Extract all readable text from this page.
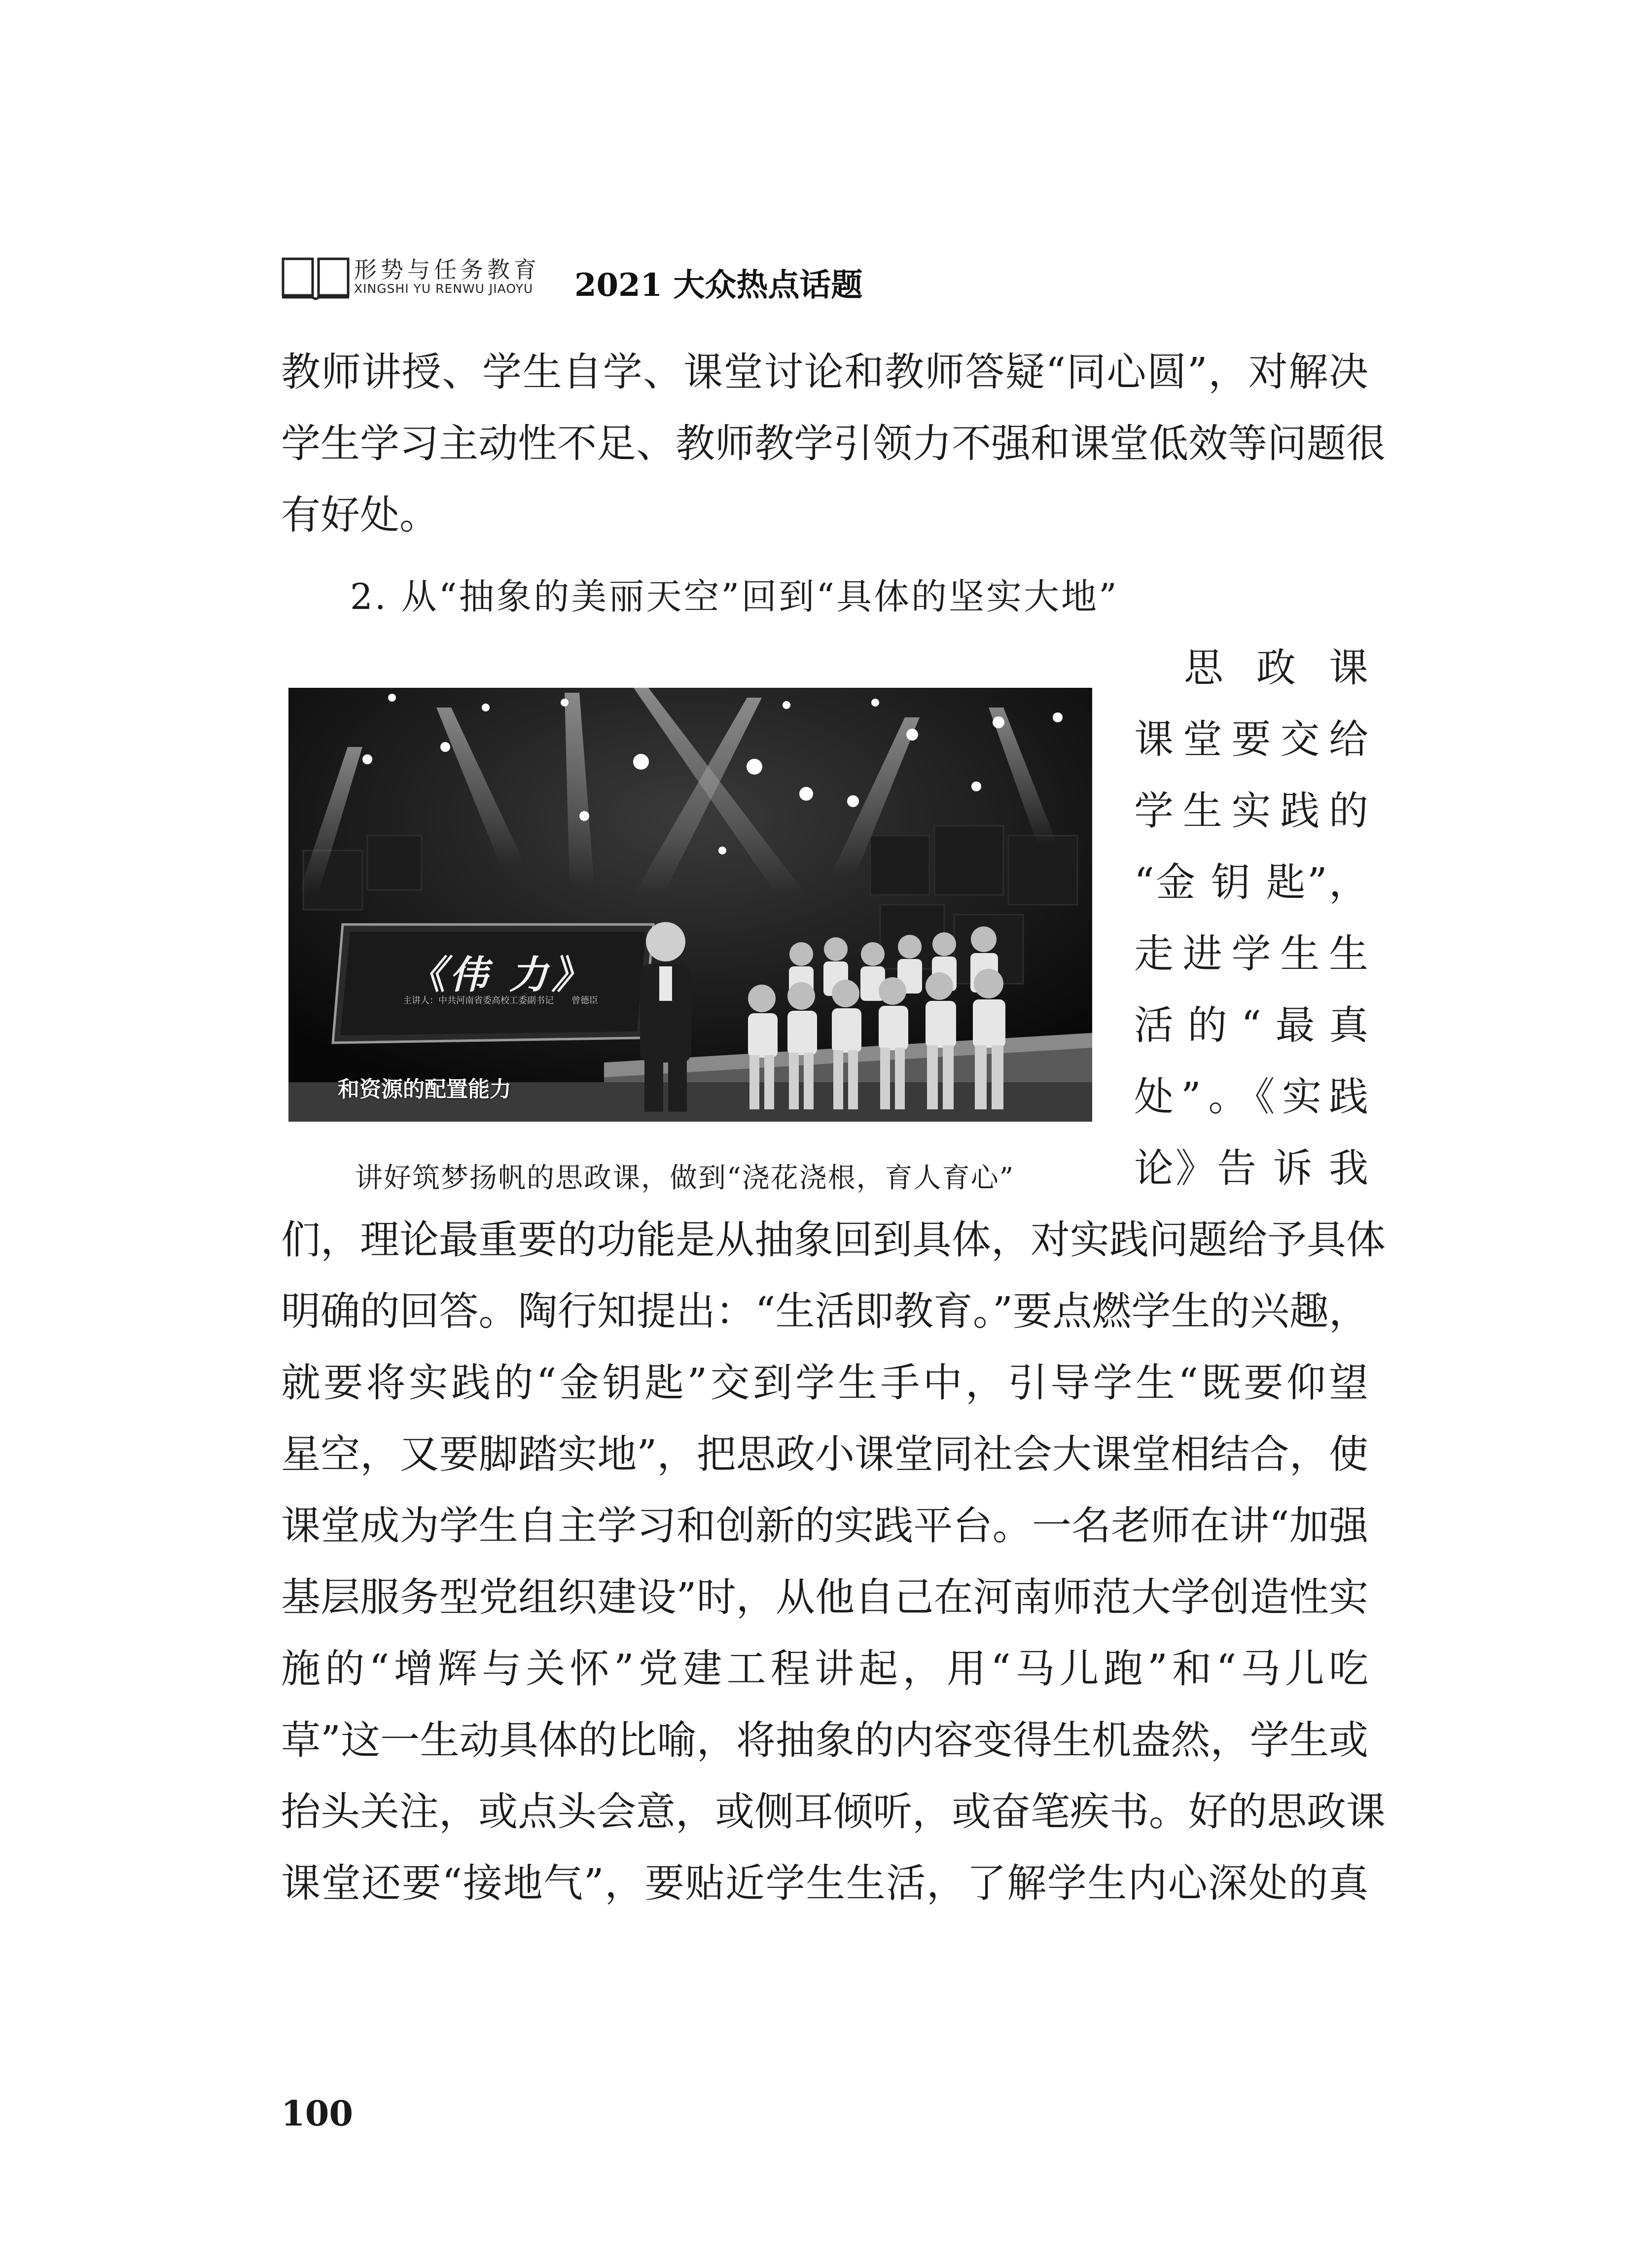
形势与任务教育
XINGSHI YU RENWU JIAOYU 2021 大众热点话题
教师讲授、学生自学、课堂讨论和教师答疑“同心圆”，对解决
学生学习主动性不足、教师教学引领力不强和课堂低效等问题很
有好处。
2. 从“抽象的美丽天空”回到“具体的坚实大地”
　思 政 课
课堂要交给
学生实践的
“金 钥 匙”，
走进学生生
活的“最真
处”。《实践
论》告 诉 我
《伟 力》
主讲人：中共河南省委高校工委副书记　　曾德臣
和资源的配置能力
讲好筑梦扬帆的思政课，做到“浇花浇根，育人育心”
们，理论最重要的功能是从抽象回到具体，对实践问题给予具体
明确的回答。陶行知提出：“生活即教育。”要点燃学生的兴趣，
就要将实践的“金钥匙”交到学生手中，引导学生“既要仰望
星空，又要脚踏实地”，把思政小课堂同社会大课堂相结合，使
课堂成为学生自主学习和创新的实践平台。一名老师在讲“加强
基层服务型党组织建设”时，从他自己在河南师范大学创造性实
施的“增辉与关怀”党建工程讲起，用“马儿跑”和“马儿吃
草”这一生动具体的比喻，将抽象的内容变得生机盎然，学生或
抬头关注，或点头会意，或侧耳倾听，或奋笔疾书。好的思政课
课堂还要“接地气”，要贴近学生生活，了解学生内心深处的真
100
